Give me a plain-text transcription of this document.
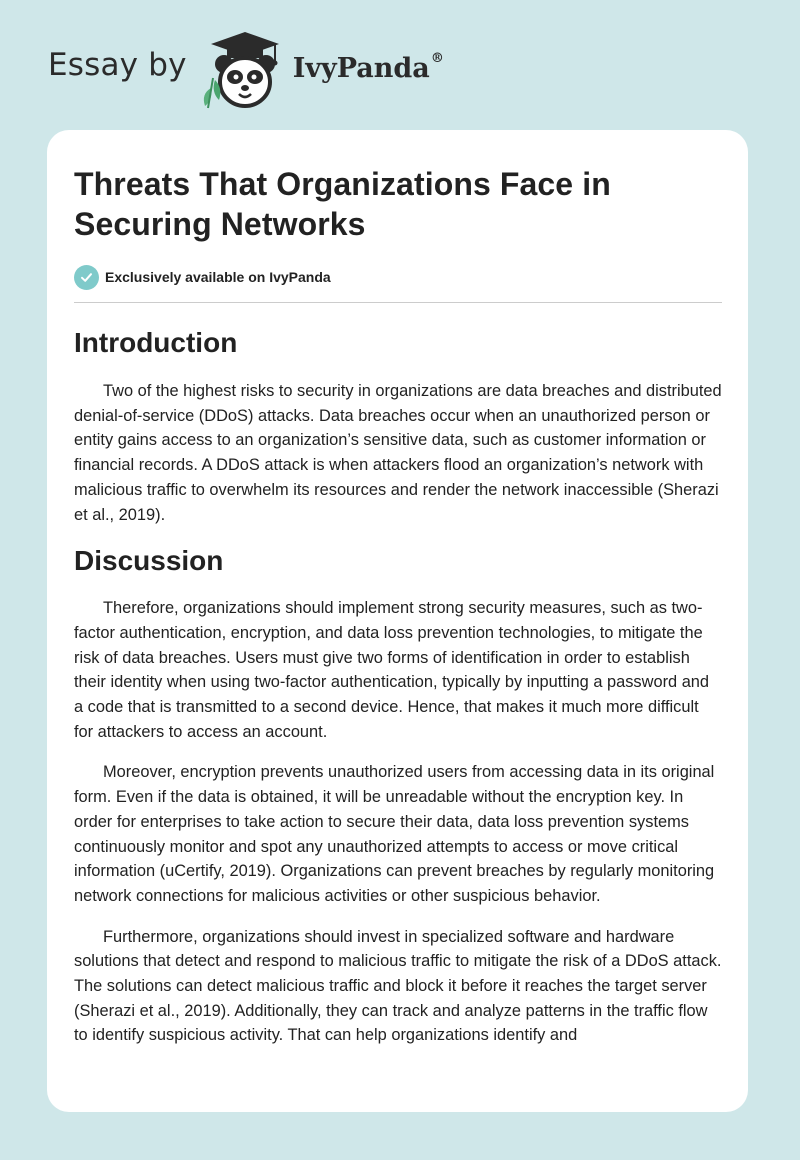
Essay by	IvyPanda®
Threats That Organizations Face in Securing Networks
Exclusively available on IvyPanda
Introduction

Two of the highest risks to security in organizations are data breaches and distributed denial-of-service (DDoS) attacks. Data breaches occur when an unauthorized person or entity gains access to an organization’s sensitive data, such as customer information or financial records. A DDoS attack is when attackers flood an organization’s network with malicious traffic to overwhelm its resources and render the network inaccessible (Sherazi et al., 2019).

Discussion

Therefore, organizations should implement strong security measures, such as two-factor authentication, encryption, and data loss prevention technologies, to mitigate the risk of data breaches. Users must give two forms of identification in order to establish their identity when using two-factor authentication, typically by inputting a password and a code that is transmitted to a second device. Hence, that makes it much more difficult for attackers to access an account.

Moreover, encryption prevents unauthorized users from accessing data in its original form. Even if the data is obtained, it will be unreadable without the encryption key. In order for enterprises to take action to secure their data, data loss prevention systems continuously monitor and spot any unauthorized attempts to access or move critical information (uCertify, 2019). Organizations can prevent breaches by regularly monitoring network connections for malicious activities or other suspicious behavior.

Furthermore, organizations should invest in specialized software and hardware solutions that detect and respond to malicious traffic to mitigate the risk of a DDoS attack. The solutions can detect malicious traffic and block it before it reaches the target server (Sherazi et al., 2019). Additionally, they can track and analyze patterns in the traffic flow to identify suspicious activity. That can help organizations identify and
